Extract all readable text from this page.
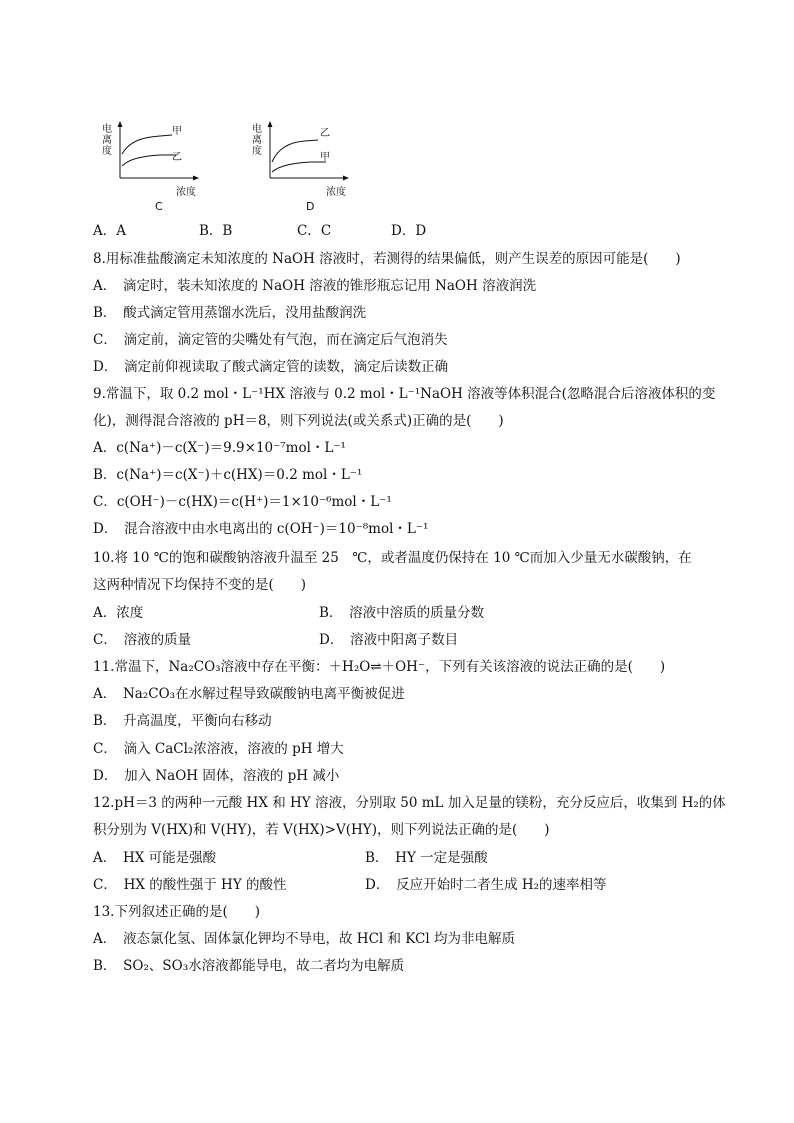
电
离
度
甲
乙
浓度
C
电
离
度
乙
甲
浓度
D
A．A	B．B	C．C	D．D
8.用标准盐酸滴定未知浓度的 NaOH 溶液时，若测得的结果偏低，则产生误差的原因可能是(　　)
A．　滴定时，装未知浓度的 NaOH 溶液的锥形瓶忘记用 NaOH 溶液润洗
B．　酸式滴定管用蒸馏水洗后，没用盐酸润洗
C．　滴定前，滴定管的尖嘴处有气泡，而在滴定后气泡消失
D．　滴定前仰视读取了酸式滴定管的读数，滴定后读数正确
9.常温下，取 0.2 mol・L⁻¹HX 溶液与 0.2 mol・L⁻¹NaOH 溶液等体积混合(忽略混合后溶液体积的变
化)，测得混合溶液的 pH＝8，则下列说法(或关系式)正确的是(　　)
A．c(Na⁺)－c(X⁻)＝9.9×10⁻⁷mol・L⁻¹
B．c(Na⁺)＝c(X⁻)＋c(HX)＝0.2 mol・L⁻¹
C．c(OH⁻)－c(HX)＝c(H⁺)＝1×10⁻⁶mol・L⁻¹
D．　混合溶液中由水电离出的 c(OH⁻)＝10⁻⁸mol・L⁻¹
10.将 10 ℃的饱和碳酸钠溶液升温至 25　℃，或者温度仍保持在 10 ℃而加入少量无水碳酸钠，在
这两种情况下均保持不变的是(　　)
A．浓度	B．　溶液中溶质的质量分数
C．　溶液的质量	D．　溶液中阳离子数目
11.常温下，Na₂CO₃溶液中存在平衡：＋H₂O⇌＋OH⁻，下列有关该溶液的说法正确的是(　　)
A．　Na₂CO₃在水解过程导致碳酸钠电离平衡被促进
B．　升高温度，平衡向右移动
C．　滴入 CaCl₂浓溶液，溶液的 pH 增大
D．　加入 NaOH 固体，溶液的 pH 减小
12.pH＝3 的两种一元酸 HX 和 HY 溶液，分别取 50 mL 加入足量的镁粉，充分反应后，收集到 H₂的体
积分别为 V(HX)和 V(HY)，若 V(HX)>V(HY)，则下列说法正确的是(　　)
A．　HX 可能是强酸	B．　HY 一定是强酸
C．　HX 的酸性强于 HY 的酸性	D．　反应开始时二者生成 H₂的速率相等
13.下列叙述正确的是(　　)
A．　液态氯化氢、固体氯化钾均不导电，故 HCl 和 KCl 均为非电解质
B．　SO₂、SO₃水溶液都能导电，故二者均为电解质
